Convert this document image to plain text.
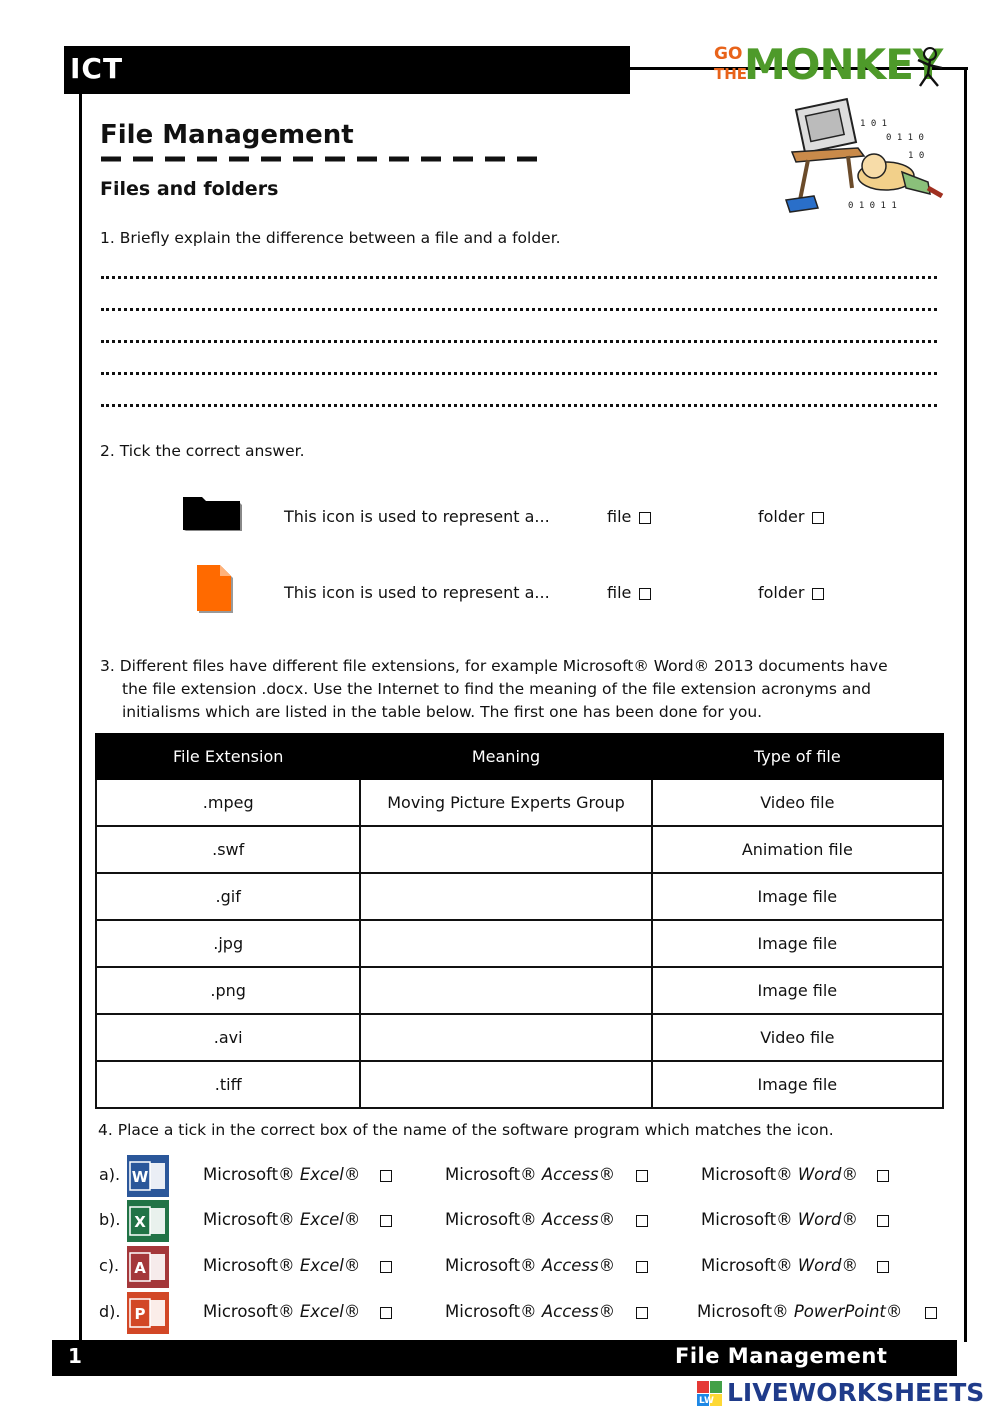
ICT	GO
THE
MONKEY
1 0 1
0 1 1 0
1 0
0 1 0 1 1
File Management
Files and folders
1. Briefly explain the difference between a file and a folder.
2. Tick the correct answer.
This icon is used to represent a...	file	folder
This icon is used to represent a...	file	folder
3. Different files have different file extensions, for example Microsoft® Word® 2013 documents have
the file extension .docx. Use the Internet to find the meaning of the file extension acronyms and
initialisms which are listed in the table below. The first one has been done for you.
File Extension	Meaning	Type of file
.mpeg	Moving Picture Experts Group	Video file
.swf		Animation file
.gif		Image file
.jpg		Image file
.png		Image file
.avi		Video file
.tiff		Image file
4. Place a tick in the correct box of the name of the software program which matches the icon.
a). W	Microsoft® Excel®	Microsoft® Access®	Microsoft® Word®
b). X	Microsoft® Excel®	Microsoft® Access®	Microsoft® Word®
c). A	Microsoft® Excel®	Microsoft® Access®	Microsoft® Word®
d). P	Microsoft® Excel®	Microsoft® Access®	Microsoft® PowerPoint®
1	File Management
LW LIVEWORKSHEETS
